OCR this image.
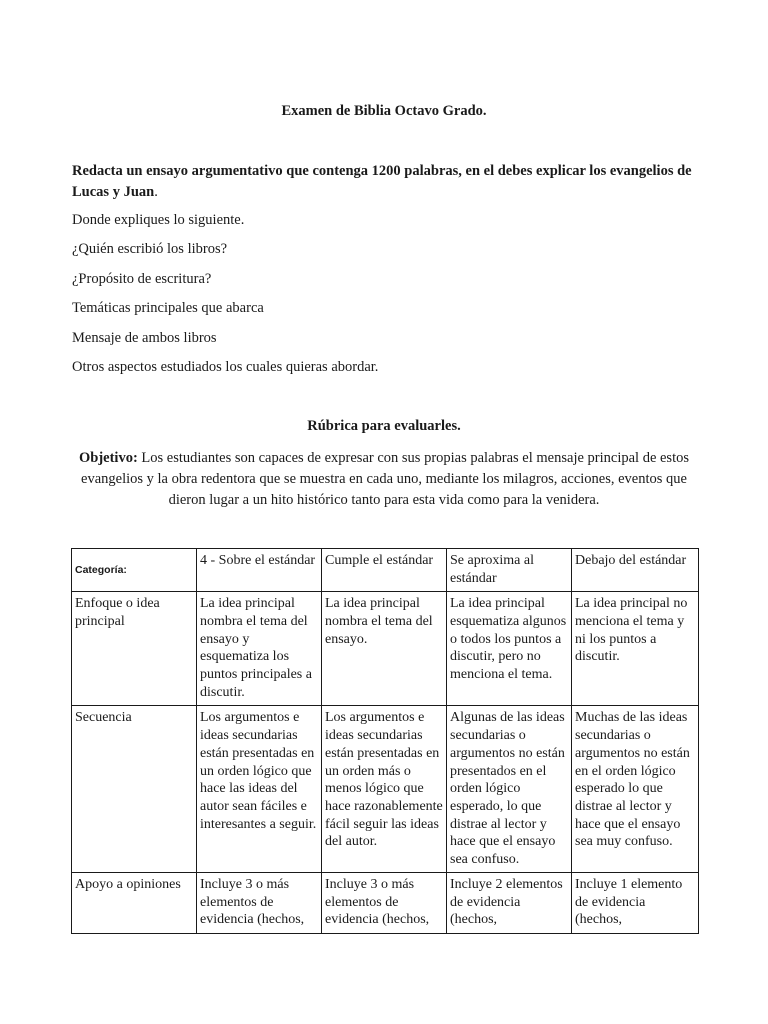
Examen de Biblia Octavo Grado.
Redacta un ensayo argumentativo que contenga 1200 palabras, en el debes explicar los evangelios de Lucas y Juan.
Donde expliques lo siguiente.
¿Quién escribió los libros?
¿Propósito de escritura?
Temáticas principales que abarca
Mensaje de ambos libros
Otros aspectos estudiados los cuales quieras abordar.
Rúbrica para evaluarles.
Objetivo: Los estudiantes son capaces de expresar con sus propias palabras el mensaje principal de estos evangelios y la obra redentora que se muestra en cada uno, mediante los milagros, acciones, eventos que dieron lugar a un hito histórico tanto para esta vida como para la venidera.
Categoría:	4 - Sobre el estándar	Cumple el estándar	Se aproxima al estándar	Debajo del estándar
Enfoque o idea principal	La idea principal nombra el tema del ensayo y esquematiza los puntos principales a discutir.	La idea principal nombra el tema del ensayo.	La idea principal esquematiza algunos o todos los puntos a discutir, pero no menciona el tema.	La idea principal no menciona el tema y ni los puntos a discutir.
Secuencia	Los argumentos e ideas secundarias están presentadas en un orden lógico que hace las ideas del autor sean fáciles e interesantes a seguir.	Los argumentos e ideas secundarias están presentadas en un orden más o menos lógico que hace razonablemente fácil seguir las ideas del autor.	Algunas de las ideas secundarias o argumentos no están presentados en el orden lógico esperado, lo que distrae al lector y hace que el ensayo sea confuso.	Muchas de las ideas secundarias o argumentos no están en el orden lógico esperado lo que distrae al lector y hace que el ensayo sea muy confuso.
Apoyo a opiniones	Incluye 3 o más elementos de evidencia (hechos,	Incluye 3 o más elementos de evidencia (hechos,	Incluye 2 elementos de evidencia (hechos,	Incluye 1 elemento de evidencia (hechos,
